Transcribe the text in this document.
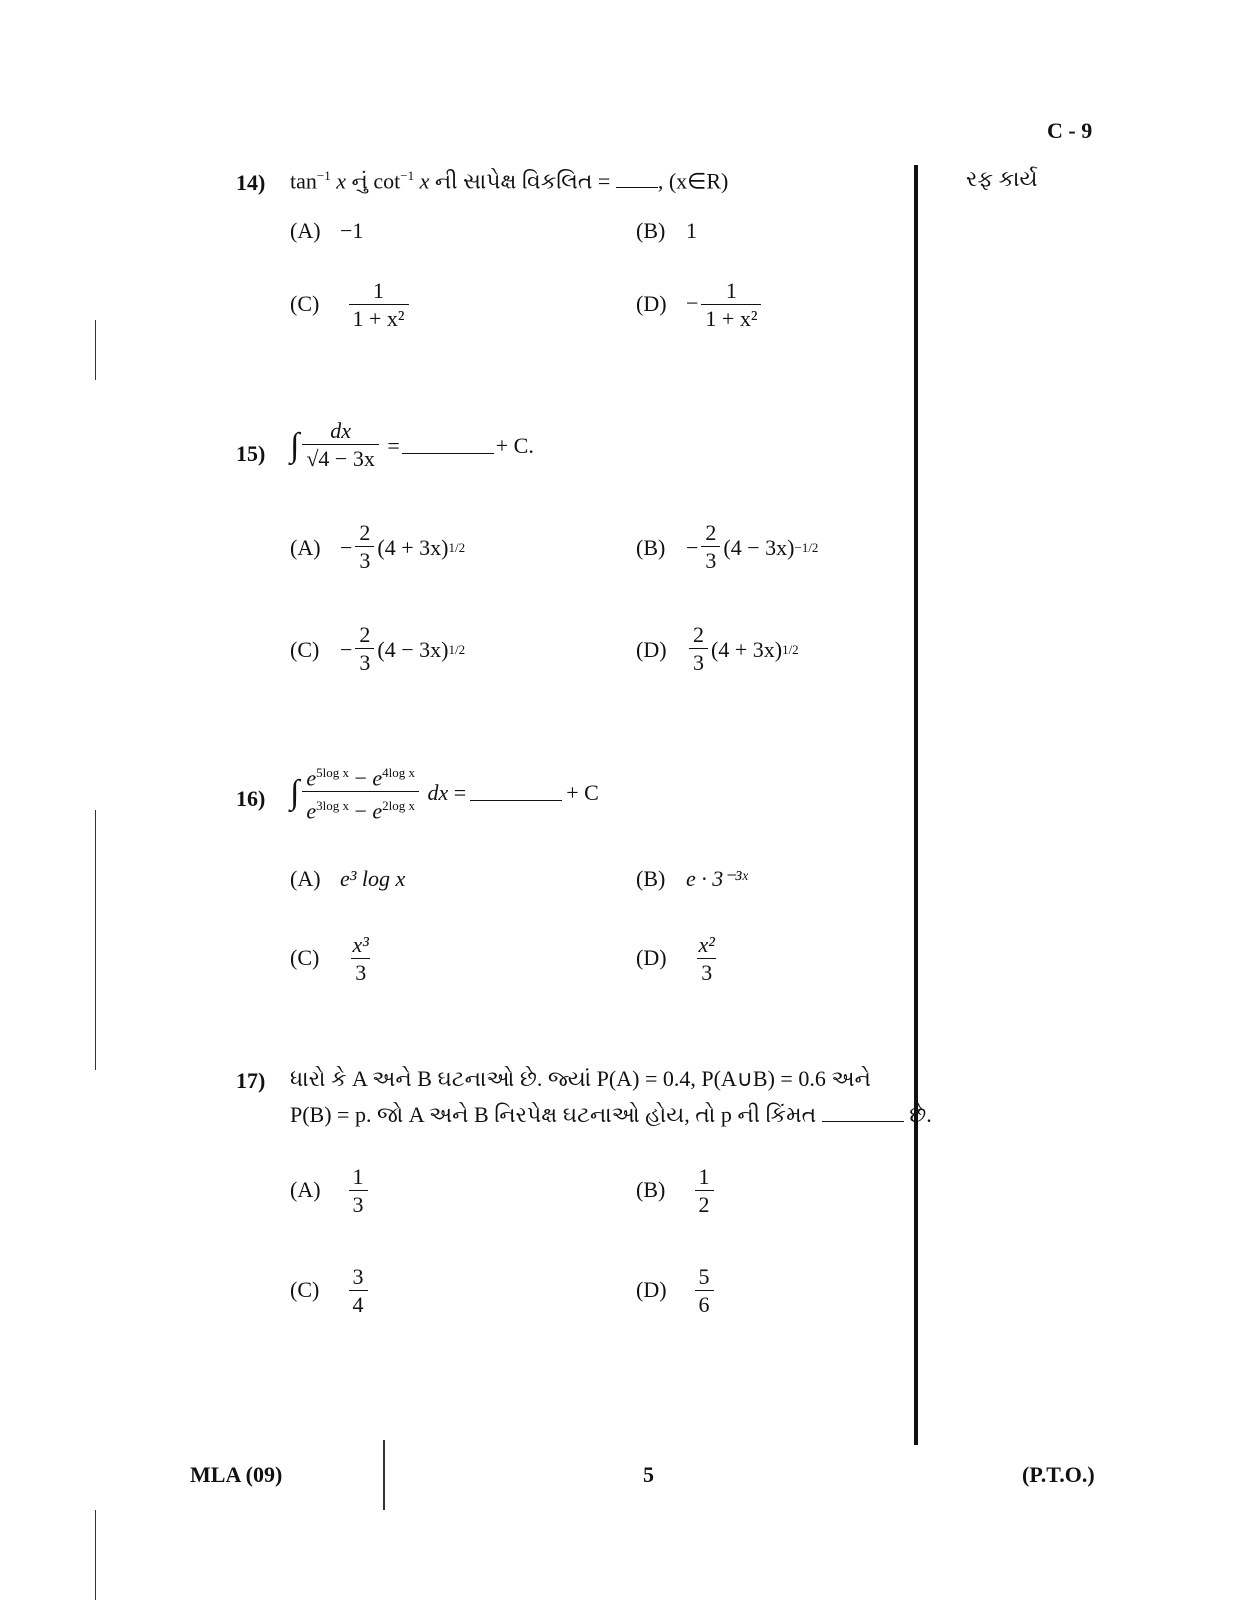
C - 9
રફ કાર્ય
14) $\tan^{-1} x$ નું $\cot^{-1} x$ ની સાપેક્ષ વિકલિત = , (x∈R)
(A) −1	(B) 1
$(C) \frac{1}{\text{1 + x²}}$	$(D) - \frac{1}{\text{1 + x²}}$
15) ∫ $\frac{dx}{√4 - 3x}$ =	+ C.
$(A) - \frac{2}{3} (4 + 3x)$ 1/2	$(B) - \frac{2}{3} (4 - 3x) -1/2$
$(C) - \frac{2}{3} (4 - 3x)$ 1/2	(D)	$\frac{2}{3} (4 + 3x)$ 1/2
16) ∫ $\frac{e^{5log x} - e^{4log x}}{e^{3log x} - e^{2log x}}$ dx =	+ C
(A) e³ log x	(B) e · 3⁻³ˣ
$(C) \frac{\text{x³}}{3}$	$(D) \frac{\text{x²}}{3}$
17) ધારો કે A અને B ઘટનાઓ છે. જ્યાં P(A) = 0.4, P(A∪B) = 0.6 અને
P(B) = p. જો A અને B નિરપેક્ષ ઘટનાઓ હોય, તો p ની કિંમત	છે.
$(A) \frac{1}{3}$	$(B) \frac{1}{2}$
$(C) \frac{3}{4}$	$(D) \frac{5}{6}$
MLA (09)	5	(P.T.O.)
